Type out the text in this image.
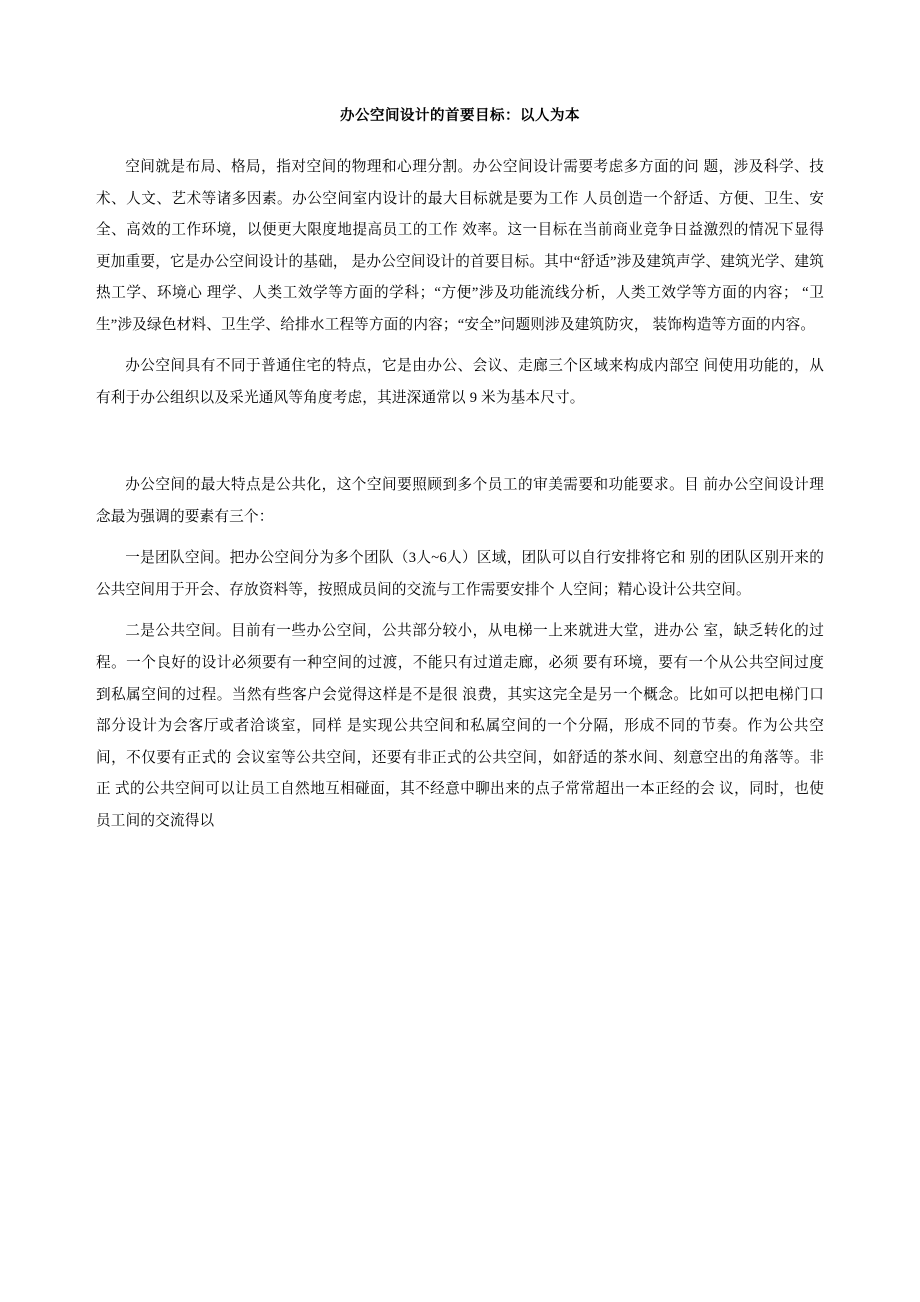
办公空间设计的首要目标：以人为本

空间就是布局、格局，指对空间的物理和心理分割。办公空间设计需要考虑多方面的问 题，涉及科学、技术、人文、艺术等诸多因素。办公空间室内设计的最大目标就是要为工作 人员创造一个舒适、方便、卫生、安全、高效的工作环境，以便更大限度地提高员工的工作 效率。这一目标在当前商业竞争日益激烈的情况下显得更加重要，它是办公空间设计的基础， 是办公空间设计的首要目标。其中“舒适”涉及建筑声学、建筑光学、建筑热工学、环境心 理学、人类工效学等方面的学科；“方便”涉及功能流线分析，人类工效学等方面的内容； “卫生”涉及绿色材料、卫生学、给排水工程等方面的内容；“安全”问题则涉及建筑防灾， 装饰构造等方面的内容。

办公空间具有不同于普通住宅的特点，它是由办公、会议、走廊三个区域来构成内部空 间使用功能的，从有利于办公组织以及采光通风等角度考虑，其进深通常以 9 米为基本尺寸。

办公空间的最大特点是公共化，这个空间要照顾到多个员工的审美需要和功能要求。目 前办公空间设计理念最为强调的要素有三个：

一是团队空间。把办公空间分为多个团队（3人~6人）区域，团队可以自行安排将它和 别的团队区别开来的公共空间用于开会、存放资料等，按照成员间的交流与工作需要安排个 人空间；精心设计公共空间。

二是公共空间。目前有一些办公空间，公共部分较小，从电梯一上来就进大堂，进办公 室，缺乏转化的过程。一个良好的设计必须要有一种空间的过渡，不能只有过道走廊，必须 要有环境，要有一个从公共空间过度到私属空间的过程。当然有些客户会觉得这样是不是很 浪费，其实这完全是另一个概念。比如可以把电梯门口部分设计为会客厅或者洽谈室，同样 是实现公共空间和私属空间的一个分隔，形成不同的节奏。作为公共空间，不仅要有正式的 会议室等公共空间，还要有非正式的公共空间，如舒适的茶水间、刻意空出的角落等。非正 式的公共空间可以让员工自然地互相碰面，其不经意中聊出来的点子常常超出一本正经的会 议，同时，也使员工间的交流得以
